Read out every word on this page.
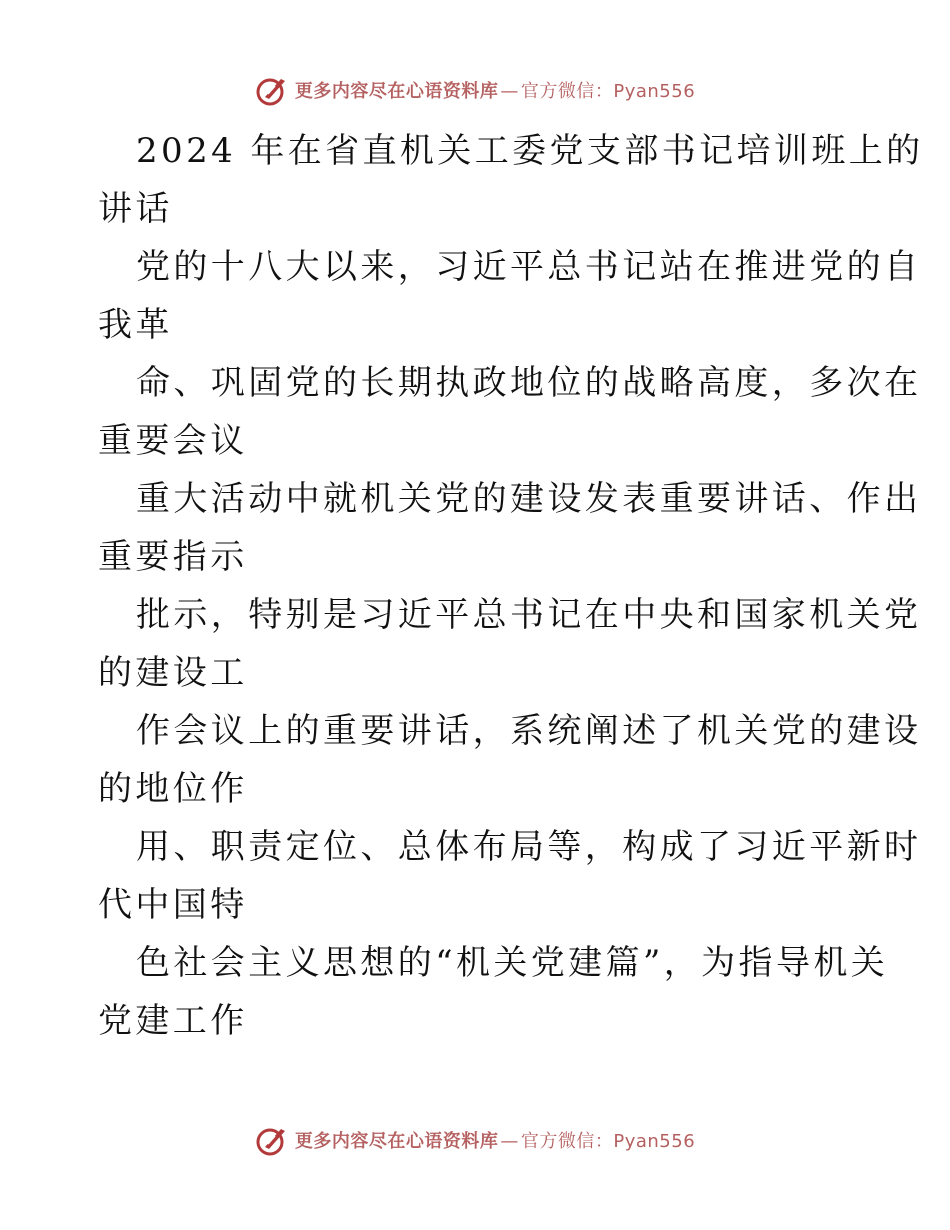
更多内容尽在心语资料库 — 官方微信：Pyan556
2024 年在省直机关工委党支部书记培训班上的
讲话
党的十八大以来，习近平总书记站在推进党的自
我革
命、巩固党的长期执政地位的战略高度，多次在
重要会议
重大活动中就机关党的建设发表重要讲话、作出
重要指示
批示，特别是习近平总书记在中央和国家机关党
的建设工
作会议上的重要讲话，系统阐述了机关党的建设
的地位作
用、职责定位、总体布局等，构成了习近平新时
代中国特
色社会主义思想的“机关党建篇”，为指导机关
党建工作
更多内容尽在心语资料库 — 官方微信：Pyan556
